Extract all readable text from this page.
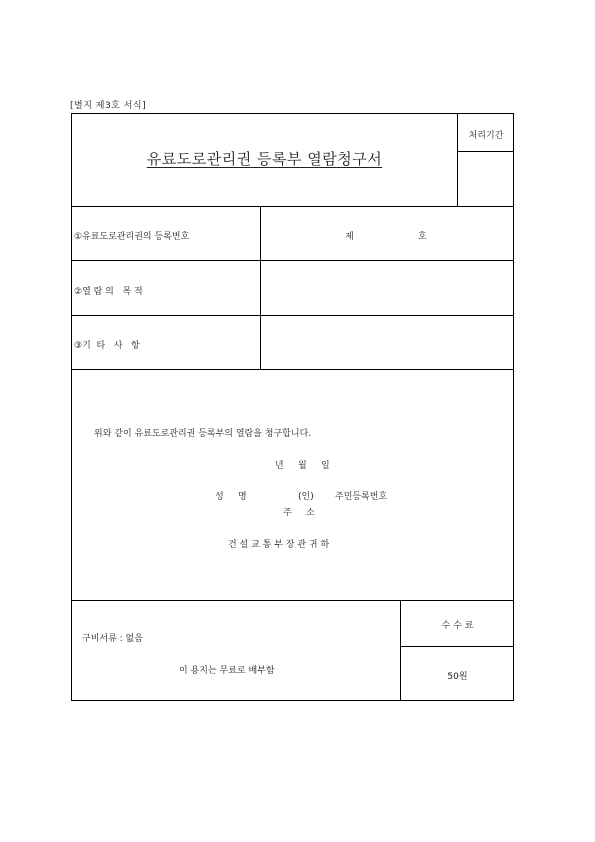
[별지 제3호 서식]
유료도로관리권 등록부 열람청구서
처리기간
①유료도로관리권의 등록번호	제	호
②열 람 의   목 적
③기  타   사   항
위와 같이 유료도로관리권 등록부의 열람을 청구합니다.
년     월     일
성     명	(인) 주민등록번호
주     소
건 설 교 통 부 장 관 귀 하
구비서류 : 없음
이 용지는 무료로 배부함
수 수 료
50원
